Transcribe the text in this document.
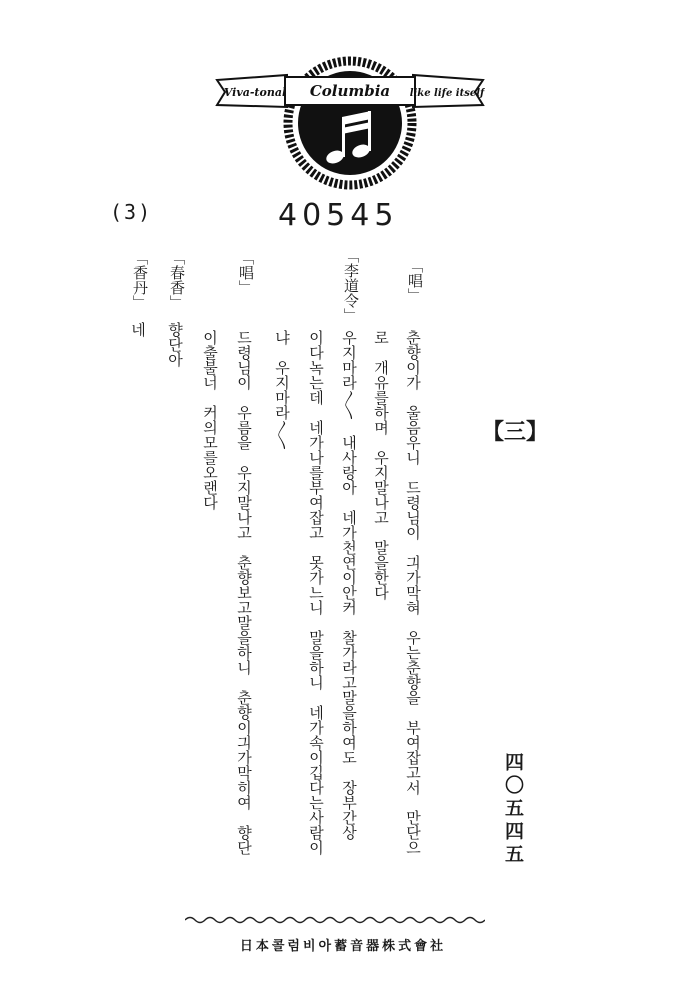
Viva-tonal Columbia like life itself
(3)	40545
【三】
「唱」
춘향이가　울음우니　드령님이　긔가막혀　우는춘향을　부여잡고서　만단으
로　개유를하며　우지말나고　말을한다
「李道令」
우지마라〳〵　내사랑아　네가천연이안커　찰가라고말을하여도　장부간상
이다녹는데　네가나를부여잡고　못가느니　말을하니　네가속이깁다는사람이
냐　우지마라〳〵
「唱」
드령님이　우름을　우지말나고　춘향보고말을하니　춘향이긔가막히여　향단
이출불너　커의모를오랜다
「春香」
향단아
「香丹」
네
四〇五四五
日本콜럼비아蓄音器株式會社
